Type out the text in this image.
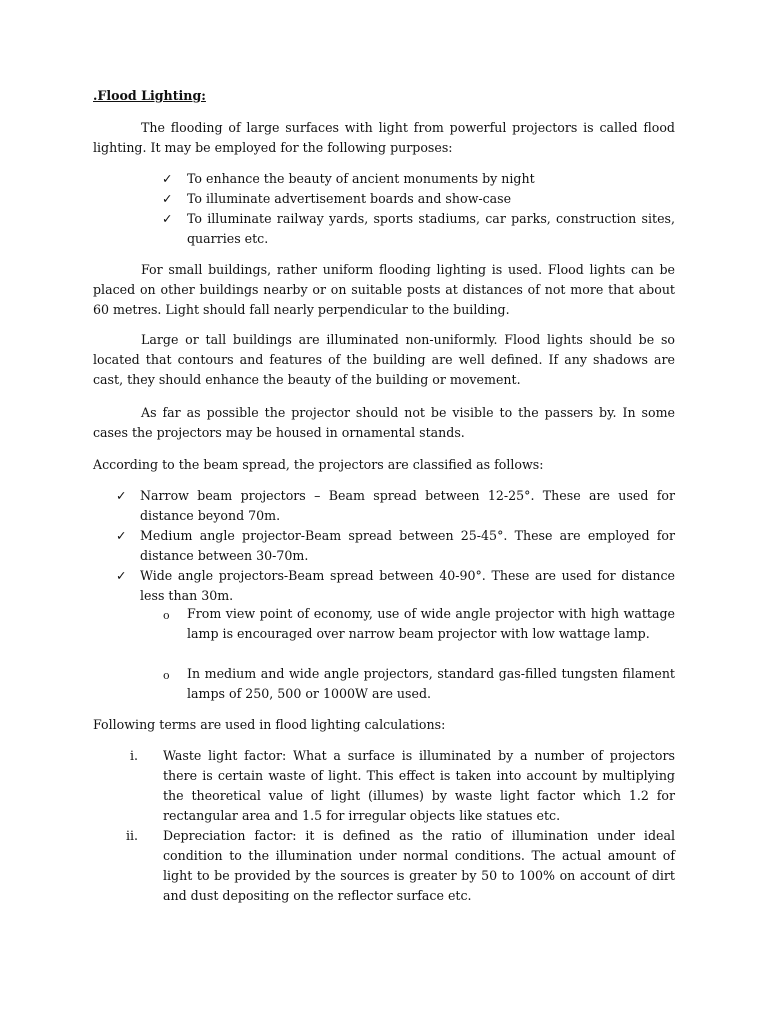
.Flood Lighting:
The flooding of large surfaces with light from powerful projectors is called flood lighting. It may be employed for the following purposes:
✓	To enhance the beauty of ancient monuments by night
✓	To illuminate advertisement boards and show-case
✓	To illuminate railway yards, sports stadiums, car parks, construction sites, quarries etc.
For small buildings, rather uniform flooding lighting is used. Flood lights can be placed on other buildings nearby or on suitable posts at distances of not more that about 60 metres. Light should fall nearly perpendicular to the building.
Large or tall buildings are illuminated non-uniformly. Flood lights should be so located that contours and features of the building are well defined. If any shadows are cast, they should enhance the beauty of the building or movement.
As far as possible the projector should not be visible to the passers by. In some cases the projectors may be housed in ornamental stands.
According to the beam spread, the projectors are classified as follows:
✓	Narrow beam projectors – Beam spread between 12-25°. These are used for distance beyond 70m.
✓	Medium angle projector-Beam spread between 25-45°. These are employed for distance between 30-70m.
✓	Wide angle projectors-Beam spread between 40-90°. These are used for distance less than 30m.
o From view point of economy, use of wide angle projector with high wattage lamp is encouraged over narrow beam projector with low wattage lamp.
o In medium and wide angle projectors, standard gas-filled tungsten filament lamps of 250, 500 or 1000W are used.
Following terms are used in flood lighting calculations:
i. Waste light factor: What a surface is illuminated by a number of projectors there is certain waste of light. This effect is taken into account by multiplying the theoretical value of light (illumes) by waste light factor which 1.2 for rectangular area and 1.5 for irregular objects like statues etc.
ii. Depreciation factor: it is defined as the ratio of illumination under ideal condition to the illumination under normal conditions. The actual amount of light to be provided by the sources is greater by 50 to 100% on account of dirt and dust depositing on the reflector surface etc.
